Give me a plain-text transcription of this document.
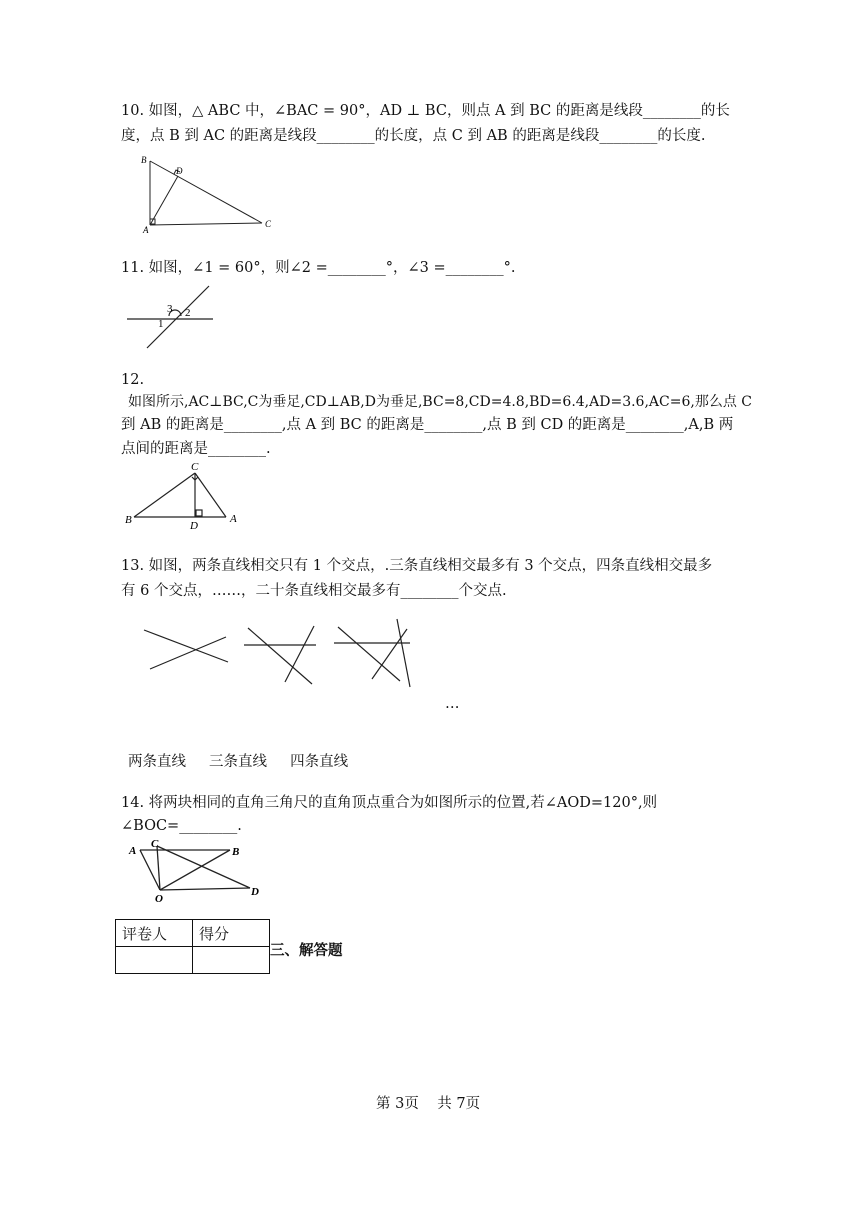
10. 如图，△ ABC 中，∠BAC = 90°，AD ⊥ BC，则点 A 到 BC 的距离是线段________的长
度，点 B 到 AC 的距离是线段________的长度，点 C 到 AB 的距离是线段________的长度.
B
D
A
C
11. 如图，∠1 = 60°，则∠2 =________°，∠3 =________°.
3 2
1
12.
如图所示,AC⊥BC,C为垂足,CD⊥AB,D为垂足,BC=8,CD=4.8,BD=6.4,AD=3.6,AC=6,那么点 C
到 AB 的距离是________,点 A 到 BC 的距离是________,点 B 到 CD 的距离是________,A,B 两
点间的距离是________.
C
B	D
A
13. 如图，两条直线相交只有 1 个交点，.三条直线相交最多有 3 个交点，四条直线相交最多
有 6 个交点，……，二十条直线相交最多有________个交点.
…
两条直线     三条直线     四条直线
14. 将两块相同的直角三角尺的直角顶点重合为如图所示的位置,若∠AOD=120°,则
∠BOC=________.
A
C
B
O
D
评卷人	得分

三、解答题
第 3页    共 7页
